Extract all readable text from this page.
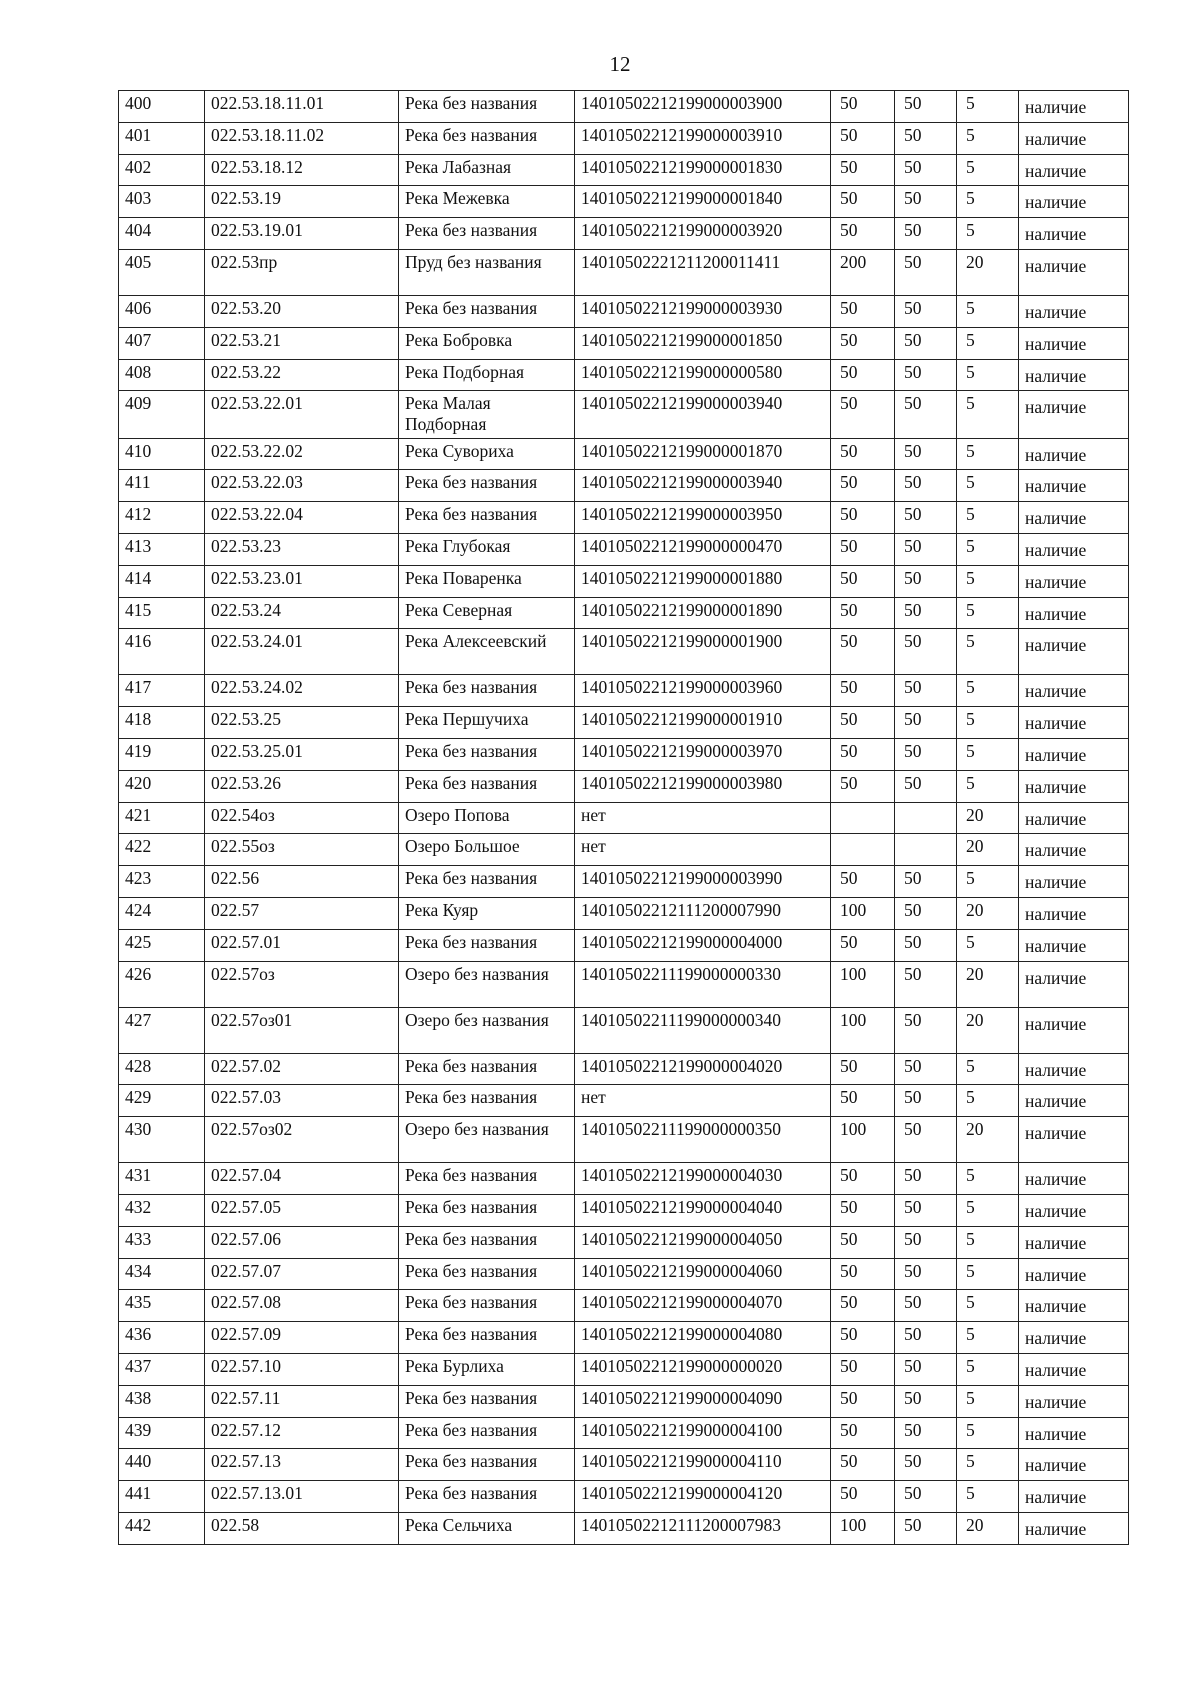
12
400	022.53.18.11.01	Река без названия	14010502212199000003900	50	50	5	наличие
401	022.53.18.11.02	Река без названия	14010502212199000003910	50	50	5	наличие
402	022.53.18.12	Река Лабазная	14010502212199000001830	50	50	5	наличие
403	022.53.19	Река Межевка	14010502212199000001840	50	50	5	наличие
404	022.53.19.01	Река без названия	14010502212199000003920	50	50	5	наличие
405	022.53пр	Пруд без названия	14010502221211200011411	200	50	20	наличие
406	022.53.20	Река без названия	14010502212199000003930	50	50	5	наличие
407	022.53.21	Река Бобровка	14010502212199000001850	50	50	5	наличие
408	022.53.22	Река Подборная	14010502212199000000580	50	50	5	наличие
409	022.53.22.01	Река Малая Подборная	14010502212199000003940	50	50	5	наличие
410	022.53.22.02	Река Сувориха	14010502212199000001870	50	50	5	наличие
411	022.53.22.03	Река без названия	14010502212199000003940	50	50	5	наличие
412	022.53.22.04	Река без названия	14010502212199000003950	50	50	5	наличие
413	022.53.23	Река Глубокая	14010502212199000000470	50	50	5	наличие
414	022.53.23.01	Река Поваренка	14010502212199000001880	50	50	5	наличие
415	022.53.24	Река Северная	14010502212199000001890	50	50	5	наличие
416	022.53.24.01	Река Алексеевский	14010502212199000001900	50	50	5	наличие
417	022.53.24.02	Река без названия	14010502212199000003960	50	50	5	наличие
418	022.53.25	Река Першучиха	14010502212199000001910	50	50	5	наличие
419	022.53.25.01	Река без названия	14010502212199000003970	50	50	5	наличие
420	022.53.26	Река без названия	14010502212199000003980	50	50	5	наличие
421	022.54оз	Озеро Попова	нет			20	наличие
422	022.55оз	Озеро Большое	нет			20	наличие
423	022.56	Река без названия	14010502212199000003990	50	50	5	наличие
424	022.57	Река Куяр	14010502212111200007990	100	50	20	наличие
425	022.57.01	Река без названия	14010502212199000004000	50	50	5	наличие
426	022.57оз	Озеро без названия	14010502211199000000330	100	50	20	наличие
427	022.57оз01	Озеро без названия	14010502211199000000340	100	50	20	наличие
428	022.57.02	Река без названия	14010502212199000004020	50	50	5	наличие
429	022.57.03	Река без названия	нет	50	50	5	наличие
430	022.57оз02	Озеро без названия	14010502211199000000350	100	50	20	наличие
431	022.57.04	Река без названия	14010502212199000004030	50	50	5	наличие
432	022.57.05	Река без названия	14010502212199000004040	50	50	5	наличие
433	022.57.06	Река без названия	14010502212199000004050	50	50	5	наличие
434	022.57.07	Река без названия	14010502212199000004060	50	50	5	наличие
435	022.57.08	Река без названия	14010502212199000004070	50	50	5	наличие
436	022.57.09	Река без названия	14010502212199000004080	50	50	5	наличие
437	022.57.10	Река Бурлиха	14010502212199000000020	50	50	5	наличие
438	022.57.11	Река без названия	14010502212199000004090	50	50	5	наличие
439	022.57.12	Река без названия	14010502212199000004100	50	50	5	наличие
440	022.57.13	Река без названия	14010502212199000004110	50	50	5	наличие
441	022.57.13.01	Река без названия	14010502212199000004120	50	50	5	наличие
442	022.58	Река Сельчиха	14010502212111200007983	100	50	20	наличие
